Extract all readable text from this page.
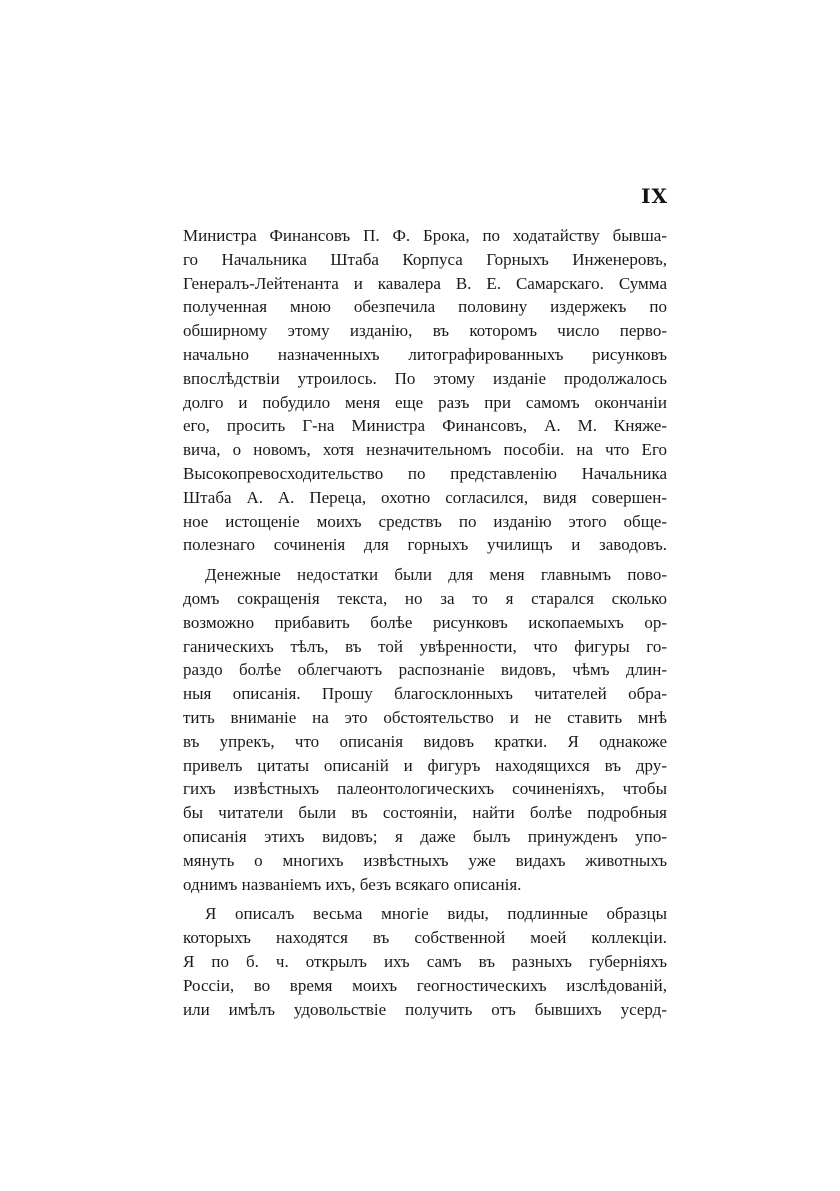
IX
Министра Финансовъ П. Ф. Брока, по ходатайству бывша-
го Начальника Штаба Корпуса Горныхъ Инженеровъ,
Генералъ-Лейтенанта и кавалера В. Е. Самарскаго. Сумма
полученная мною обезпечила половину издержекъ по
обширному этому изданію, въ которомъ число перво-
начально назначенныхъ литографированныхъ рисунковъ
впослѣдствіи утроилось. По этому изданіе продолжалось
долго и побудило меня еще разъ при самомъ окончаніи
его, просить Г-на Министра Финансовъ, А. М. Княже-
вича, о новомъ, хотя незначительномъ пособіи. на что Его
Высокопревосходительство по представленію Начальника
Штаба А. А. Перецa, охотно согласился, видя совершен-
ное истощеніе моихъ средствъ по изданію этого обще-
полезнаго сочиненія для горныхъ училищъ и заводовъ.
Денежные недостатки были для меня главнымъ пово-
домъ сокращенія текста, но за то я старался сколько
возможно прибавить болѣе рисунковъ ископаемыхъ ор-
ганическихъ тѣлъ, въ той увѣренности, что фигуры го-
раздо болѣе облегчаютъ распознаніе видовъ, чѣмъ длин-
ныя описанія. Прошу благосклонныхъ читателей обра-
тить вниманіе на это обстоятельство и не ставить мнѣ
въ упрекъ, что описанія видовъ кратки. Я однакоже
привелъ цитаты описаній и фигуръ находящихся въ дру-
гихъ извѣстныхъ палеонтологическихъ сочиненіяхъ, чтобы
бы читатели были въ состояніи, найти болѣе подробныя
описанія этихъ видовъ; я даже былъ принужденъ упо-
мянуть о многихъ извѣстныхъ уже видахъ животныхъ
однимъ названіемъ ихъ, безъ всякаго описанія.
Я описалъ весьма многіе виды, подлинные образцы
которыхъ находятся въ собственной моей коллекціи.
Я по б. ч. открылъ ихъ самъ въ разныхъ губерніяхъ
Россіи, во время моихъ геогностическихъ изслѣдованій,
или имѣлъ удовольствіе получить отъ бывшихъ усерд-
